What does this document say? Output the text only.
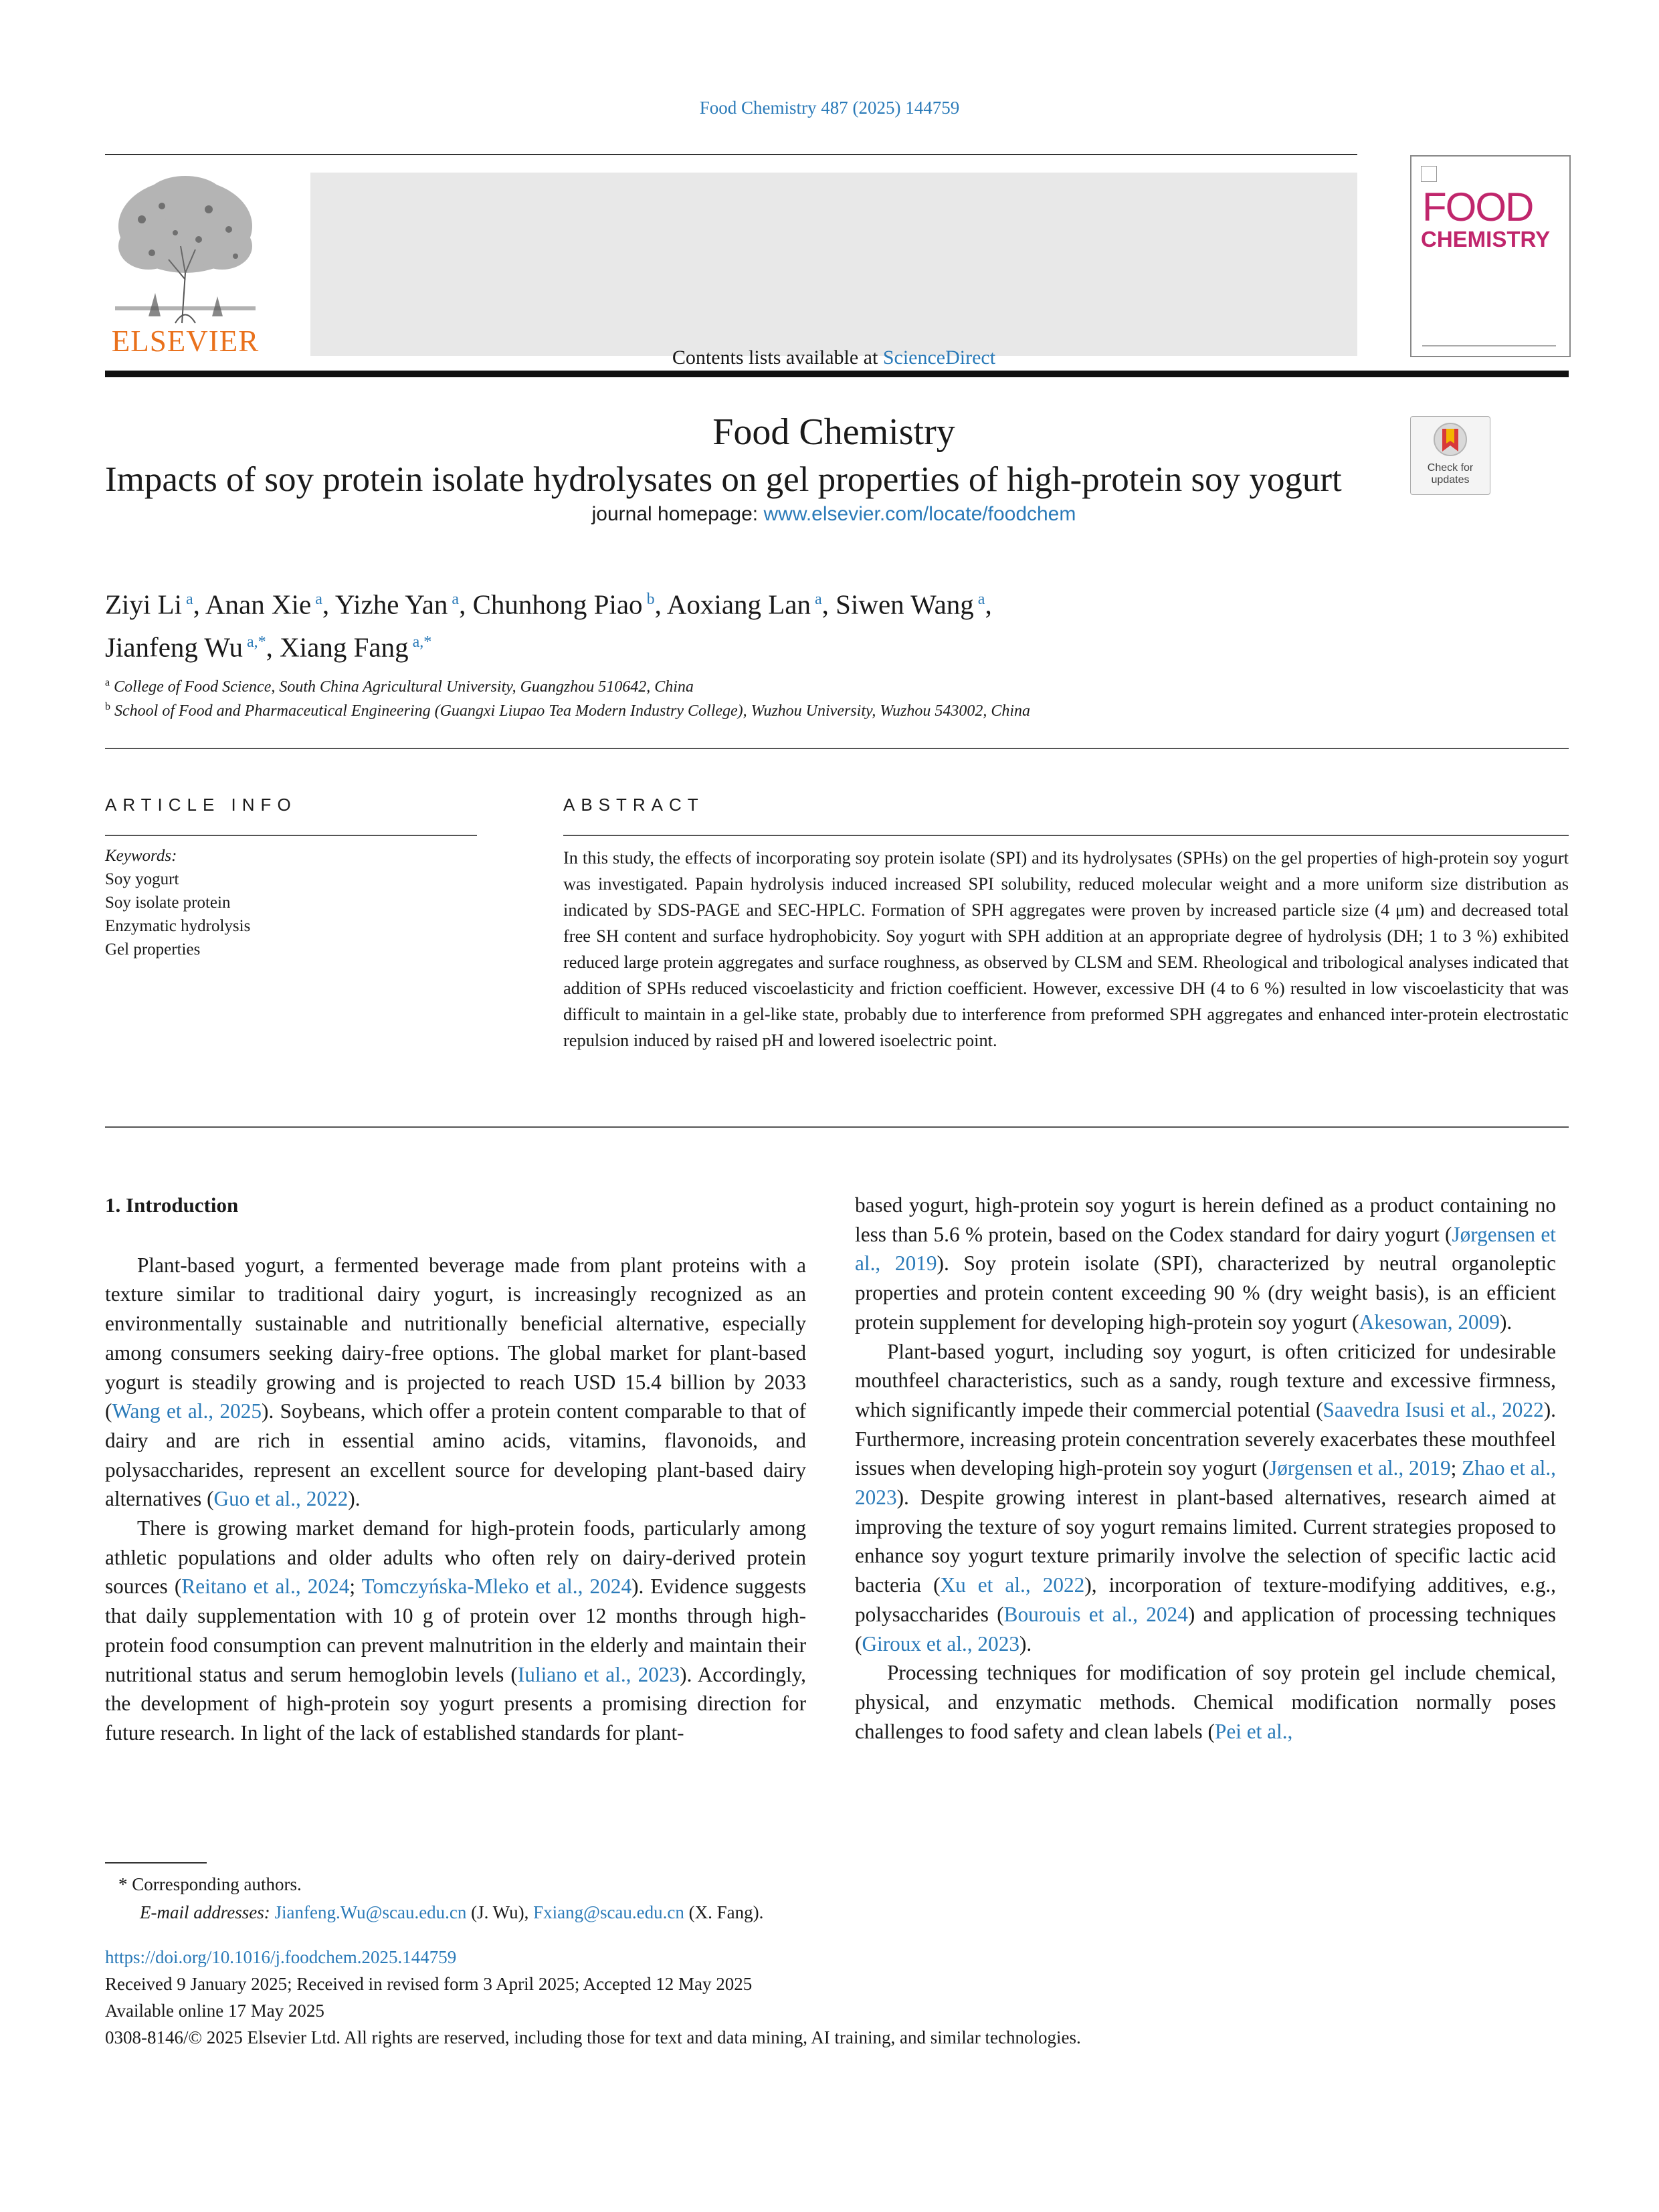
Food Chemistry 487 (2025) 144759
ELSEVIER	Contents lists available at ScienceDirect
Food Chemistry
journal homepage: www.elsevier.com/locate/foodchem
FOOD
CHEMISTRY
Check for updates
Impacts of soy protein isolate hydrolysates on gel properties of high-protein soy yogurt
Ziyi Li $^a$, Anan Xie $^a$, Yizhe Yan $^a$, Chunhong Piao $^b$, Aoxiang Lan $^a$, Siwen Wang $^a$,
Jianfeng Wu $^{a,*}$, Xiang Fang $^{a,*}$
$^a$ College of Food Science, South China Agricultural University, Guangzhou 510642, China
$^b$ School of Food and Pharmaceutical Engineering (Guangxi Liupao Tea Modern Industry College), Wuzhou University, Wuzhou 543002, China
ARTICLE INFO	ABSTRACT
Keywords:
Soy yogurt
Soy isolate protein
Enzymatic hydrolysis
Gel properties
In this study, the effects of incorporating soy protein isolate (SPI) and its hydrolysates (SPHs) on the gel properties of high-protein soy yogurt was investigated. Papain hydrolysis induced increased SPI solubility, reduced molecular weight and a more uniform size distribution as indicated by SDS-PAGE and SEC-HPLC. Formation of SPH aggregates were proven by increased particle size (4 μm) and decreased total free SH content and surface hydrophobicity. Soy yogurt with SPH addition at an appropriate degree of hydrolysis (DH; 1 to 3 %) exhibited reduced large protein aggregates and surface roughness, as observed by CLSM and SEM. Rheological and tribological analyses indicated that addition of SPHs reduced viscoelasticity and friction coefficient. However, excessive DH (4 to 6 %) resulted in low viscoelasticity that was difficult to maintain in a gel-like state, probably due to interference from preformed SPH aggregates and enhanced inter-protein electrostatic repulsion induced by raised pH and lowered isoelectric point.
1. Introduction

Plant-based yogurt, a fermented beverage made from plant proteins with a texture similar to traditional dairy yogurt, is increasingly recognized as an environmentally sustainable and nutritionally beneficial alternative, especially among consumers seeking dairy-free options. The global market for plant-based yogurt is steadily growing and is projected to reach USD 15.4 billion by 2033 (Wang et al., 2025). Soybeans, which offer a protein content comparable to that of dairy and are rich in essential amino acids, vitamins, flavonoids, and polysaccharides, represent an excellent source for developing plant-based dairy alternatives (Guo et al., 2022).

There is growing market demand for high-protein foods, particularly among athletic populations and older adults who often rely on dairy-derived protein sources (Reitano et al., 2024; Tomczyńska-Mleko et al., 2024). Evidence suggests that daily supplementation with 10 g of protein over 12 months through high-protein food consumption can prevent malnutrition in the elderly and maintain their nutritional status and serum hemoglobin levels (Iuliano et al., 2023). Accordingly, the development of high-protein soy yogurt presents a promising direction for future research. In light of the lack of established standards for plant-

based yogurt, high-protein soy yogurt is herein defined as a product containing no less than 5.6 % protein, based on the Codex standard for dairy yogurt (Jørgensen et al., 2019). Soy protein isolate (SPI), characterized by neutral organoleptic properties and protein content exceeding 90 % (dry weight basis), is an efficient protein supplement for developing high-protein soy yogurt (Akesowan, 2009).

Plant-based yogurt, including soy yogurt, is often criticized for undesirable mouthfeel characteristics, such as a sandy, rough texture and excessive firmness, which significantly impede their commercial potential (Saavedra Isusi et al., 2022). Furthermore, increasing protein concentration severely exacerbates these mouthfeel issues when developing high-protein soy yogurt (Jørgensen et al., 2019; Zhao et al., 2023). Despite growing interest in plant-based alternatives, research aimed at improving the texture of soy yogurt remains limited. Current strategies proposed to enhance soy yogurt texture primarily involve the selection of specific lactic acid bacteria (Xu et al., 2022), incorporation of texture-modifying additives, e.g., polysaccharides (Bourouis et al., 2024) and application of processing techniques (Giroux et al., 2023).

Processing techniques for modification of soy protein gel include chemical, physical, and enzymatic methods. Chemical modification normally poses challenges to food safety and clean labels (Pei et al.,

* Corresponding authors.
E-mail addresses: Jianfeng.Wu@scau.edu.cn (J. Wu), Fxiang@scau.edu.cn (X. Fang).
https://doi.org/10.1016/j.foodchem.2025.144759
Received 9 January 2025; Received in revised form 3 April 2025; Accepted 12 May 2025
Available online 17 May 2025
0308-8146/© 2025 Elsevier Ltd. All rights are reserved, including those for text and data mining, AI training, and similar technologies.
